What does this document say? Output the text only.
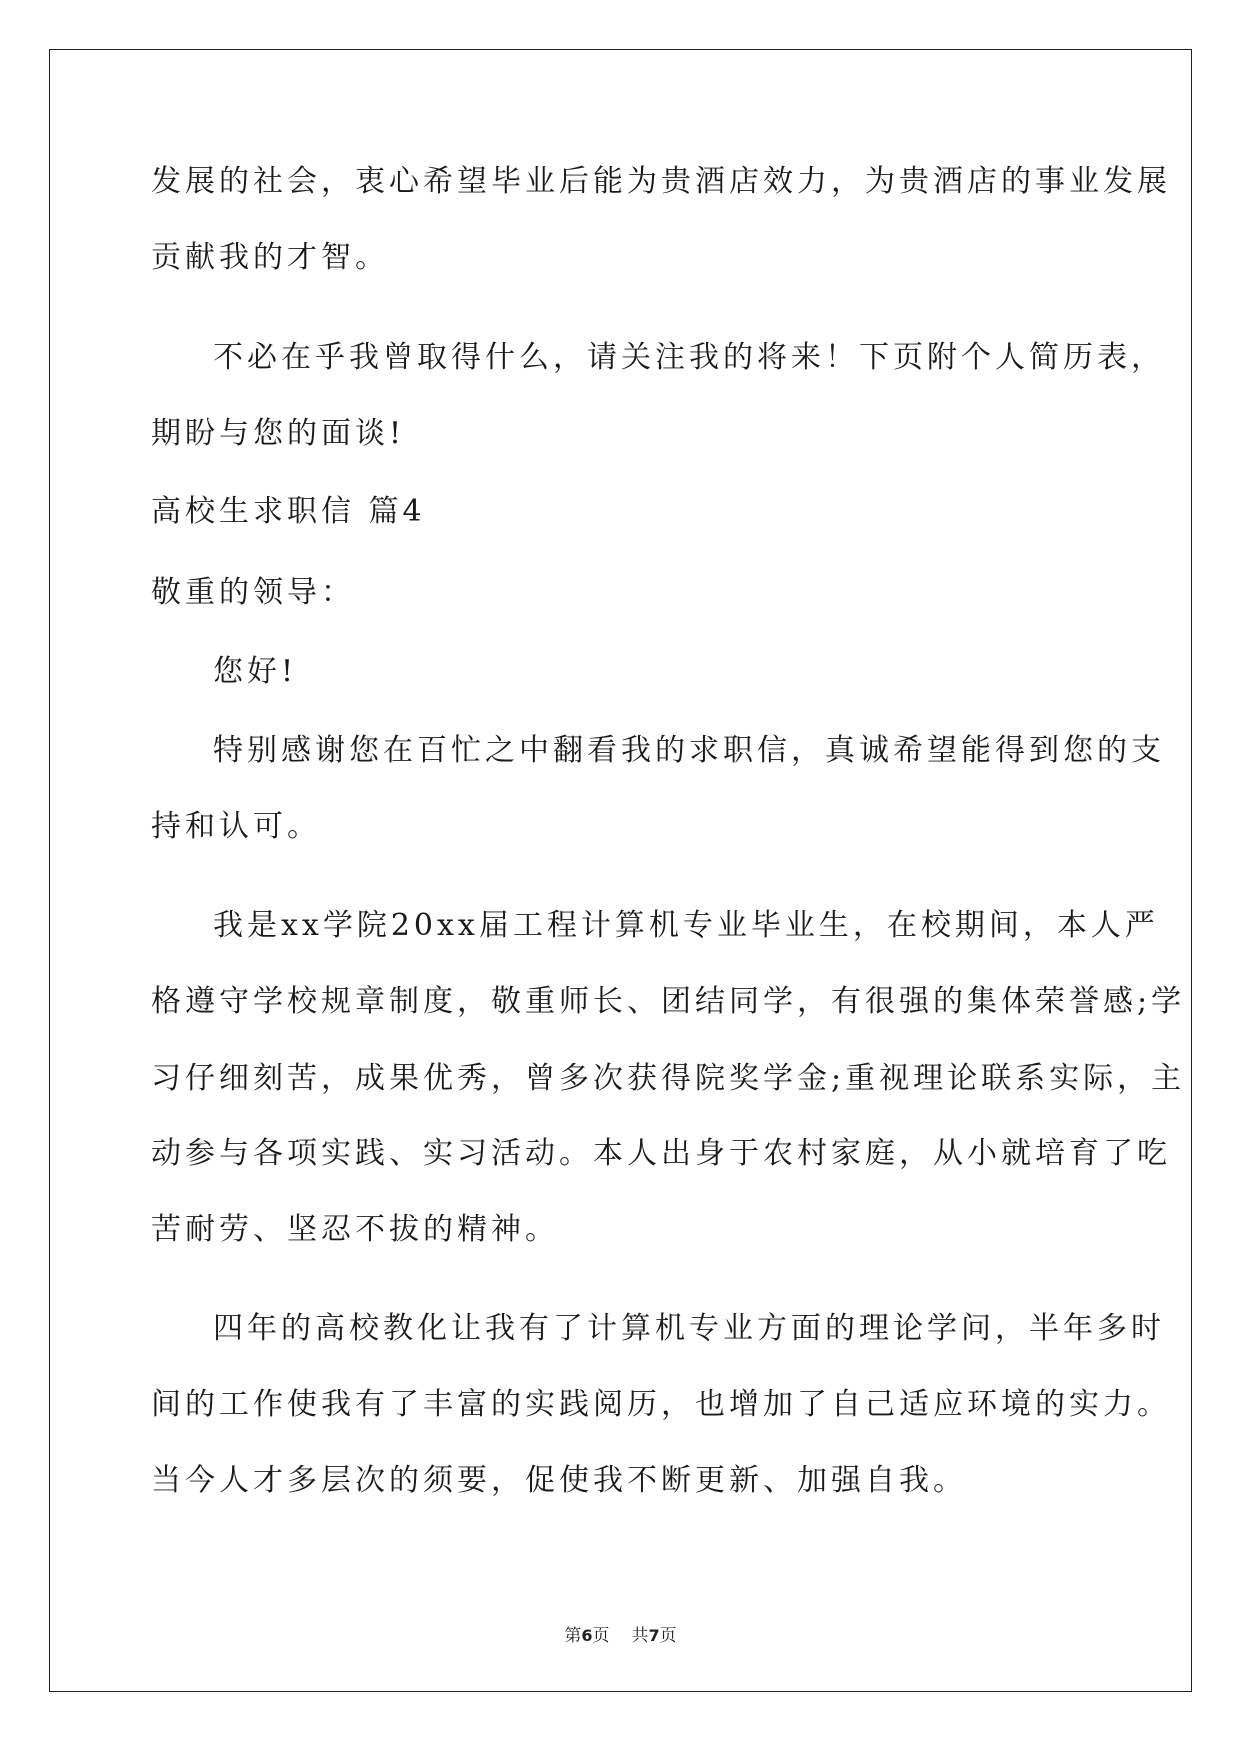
发展的社会，衷心希望毕业后能为贵酒店效力，为贵酒店的事业发展
贡献我的才智。
不必在乎我曾取得什么，请关注我的将来！下页附个人简历表，
期盼与您的面谈!
高校生求职信 篇4
敬重的领导：
您好!
特别感谢您在百忙之中翻看我的求职信，真诚希望能得到您的支
持和认可。
我是xx学院20xx届工程计算机专业毕业生，在校期间，本人严
格遵守学校规章制度，敬重师长、团结同学，有很强的集体荣誉感;学
习仔细刻苦，成果优秀，曾多次获得院奖学金;重视理论联系实际，主
动参与各项实践、实习活动。本人出身于农村家庭，从小就培育了吃
苦耐劳、坚忍不拔的精神。
四年的高校教化让我有了计算机专业方面的理论学问，半年多时
间的工作使我有了丰富的实践阅历，也增加了自己适应环境的实力。
当今人才多层次的须要，促使我不断更新、加强自我。
第6页 共7页
